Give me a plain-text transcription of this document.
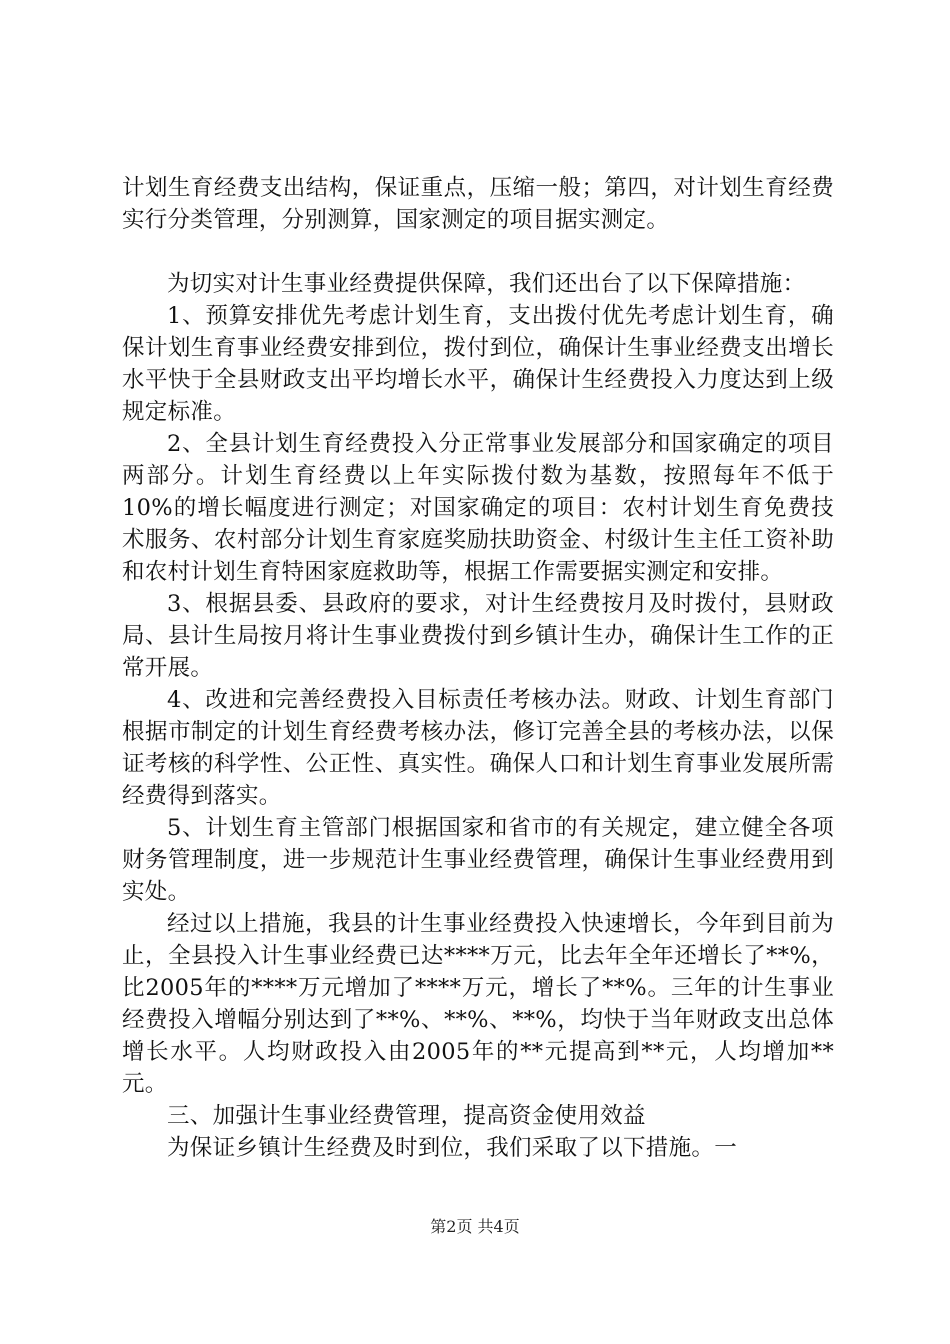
计划生育经费支出结构，保证重点，压缩一般；第四，对计划生育经费实行分类管理，分别测算，国家测定的项目据实测定。

为切实对计生事业经费提供保障，我们还出台了以下保障措施：

1、预算安排优先考虑计划生育，支出拨付优先考虑计划生育，确保计划生育事业经费安排到位，拨付到位，确保计生事业经费支出增长水平快于全县财政支出平均增长水平，确保计生经费投入力度达到上级规定标准。

2、全县计划生育经费投入分正常事业发展部分和国家确定的项目两部分。计划生育经费以上年实际拨付数为基数，按照每年不低于10%的增长幅度进行测定；对国家确定的项目：农村计划生育免费技术服务、农村部分计划生育家庭奖励扶助资金、村级计生主任工资补助和农村计划生育特困家庭救助等，根据工作需要据实测定和安排。

3、根据县委、县政府的要求，对计生经费按月及时拨付，县财政局、县计生局按月将计生事业费拨付到乡镇计生办，确保计生工作的正常开展。

4、改进和完善经费投入目标责任考核办法。财政、计划生育部门根据市制定的计划生育经费考核办法，修订完善全县的考核办法，以保证考核的科学性、公正性、真实性。确保人口和计划生育事业发展所需经费得到落实。

5、计划生育主管部门根据国家和省市的有关规定，建立健全各项财务管理制度，进一步规范计生事业经费管理，确保计生事业经费用到实处。

经过以上措施，我县的计生事业经费投入快速增长，今年到目前为止，全县投入计生事业经费已达****万元，比去年全年还增长了**%，比2005年的****万元增加了****万元，增长了**%。三年的计生事业经费投入增幅分别达到了**%、**%、**%，均快于当年财政支出总体增长水平。人均财政投入由2005年的**元提高到**元，人均增加**元。

三、加强计生事业经费管理，提高资金使用效益

为保证乡镇计生经费及时到位，我们采取了以下措施。一

第2页 共4页
